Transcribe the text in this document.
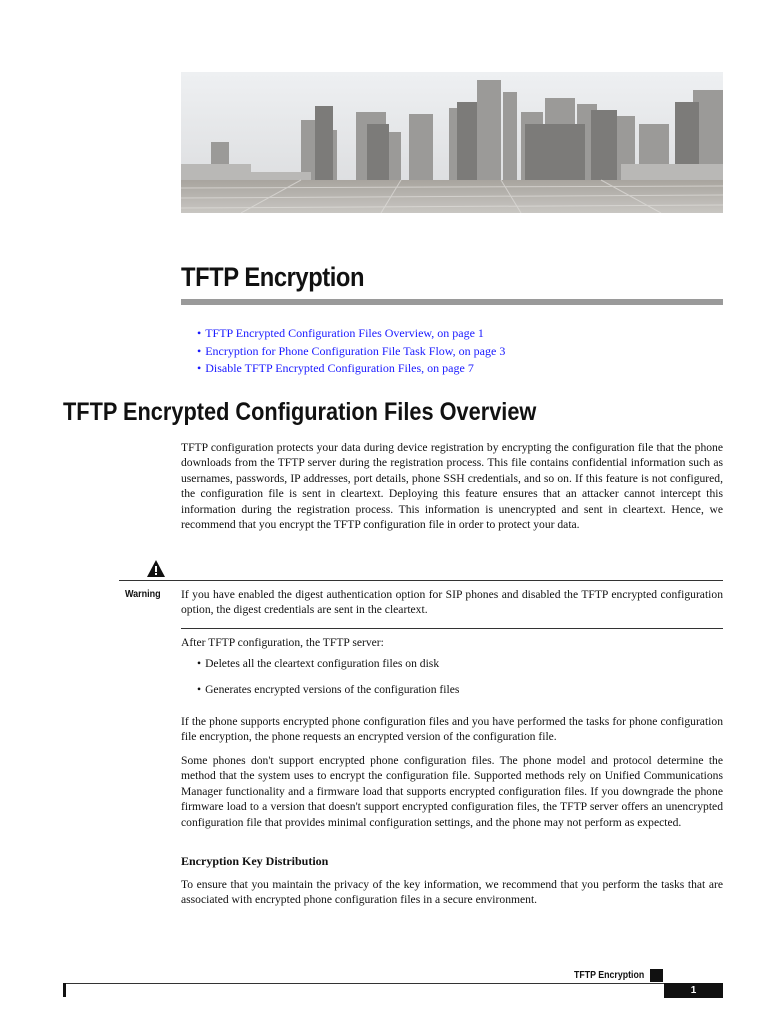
TFTP Encryption
• TFTP Encrypted Configuration Files Overview, on page 1
• Encryption for Phone Configuration File Task Flow, on page 3
• Disable TFTP Encrypted Configuration Files, on page 7
TFTP Encrypted Configuration Files Overview

TFTP configuration protects your data during device registration by encrypting the configuration file that the phone downloads from the TFTP server during the registration process. This file contains confidential information such as usernames, passwords, IP addresses, port details, phone SSH credentials, and so on. If this feature is not configured, the configuration file is sent in cleartext. Deploying this feature ensures that an attacker cannot intercept this information during the registration process. This information is unencrypted and sent in cleartext. Hence, we recommend that you encrypt the TFTP configuration file in order to protect your data.

Warning If you have enabled the digest authentication option for SIP phones and disabled the TFTP encrypted configuration option, the digest credentials are sent in the cleartext.

After TFTP configuration, the TFTP server:

• Deletes all the cleartext configuration files on disk
• Generates encrypted versions of the configuration files

If the phone supports encrypted phone configuration files and you have performed the tasks for phone configuration file encryption, the phone requests an encrypted version of the configuration file.

Some phones don't support encrypted phone configuration files. The phone model and protocol determine the method that the system uses to encrypt the configuration file. Supported methods rely on Unified Communications Manager functionality and a firmware load that supports encrypted configuration files. If you downgrade the phone firmware load to a version that doesn't support encrypted configuration files, the TFTP server offers an unencrypted configuration file that provides minimal configuration settings, and the phone may not perform as expected.

Encryption Key Distribution

To ensure that you maintain the privacy of the key information, we recommend that you perform the tasks that are associated with encrypted phone configuration files in a secure environment.

TFTP Encryption
1
